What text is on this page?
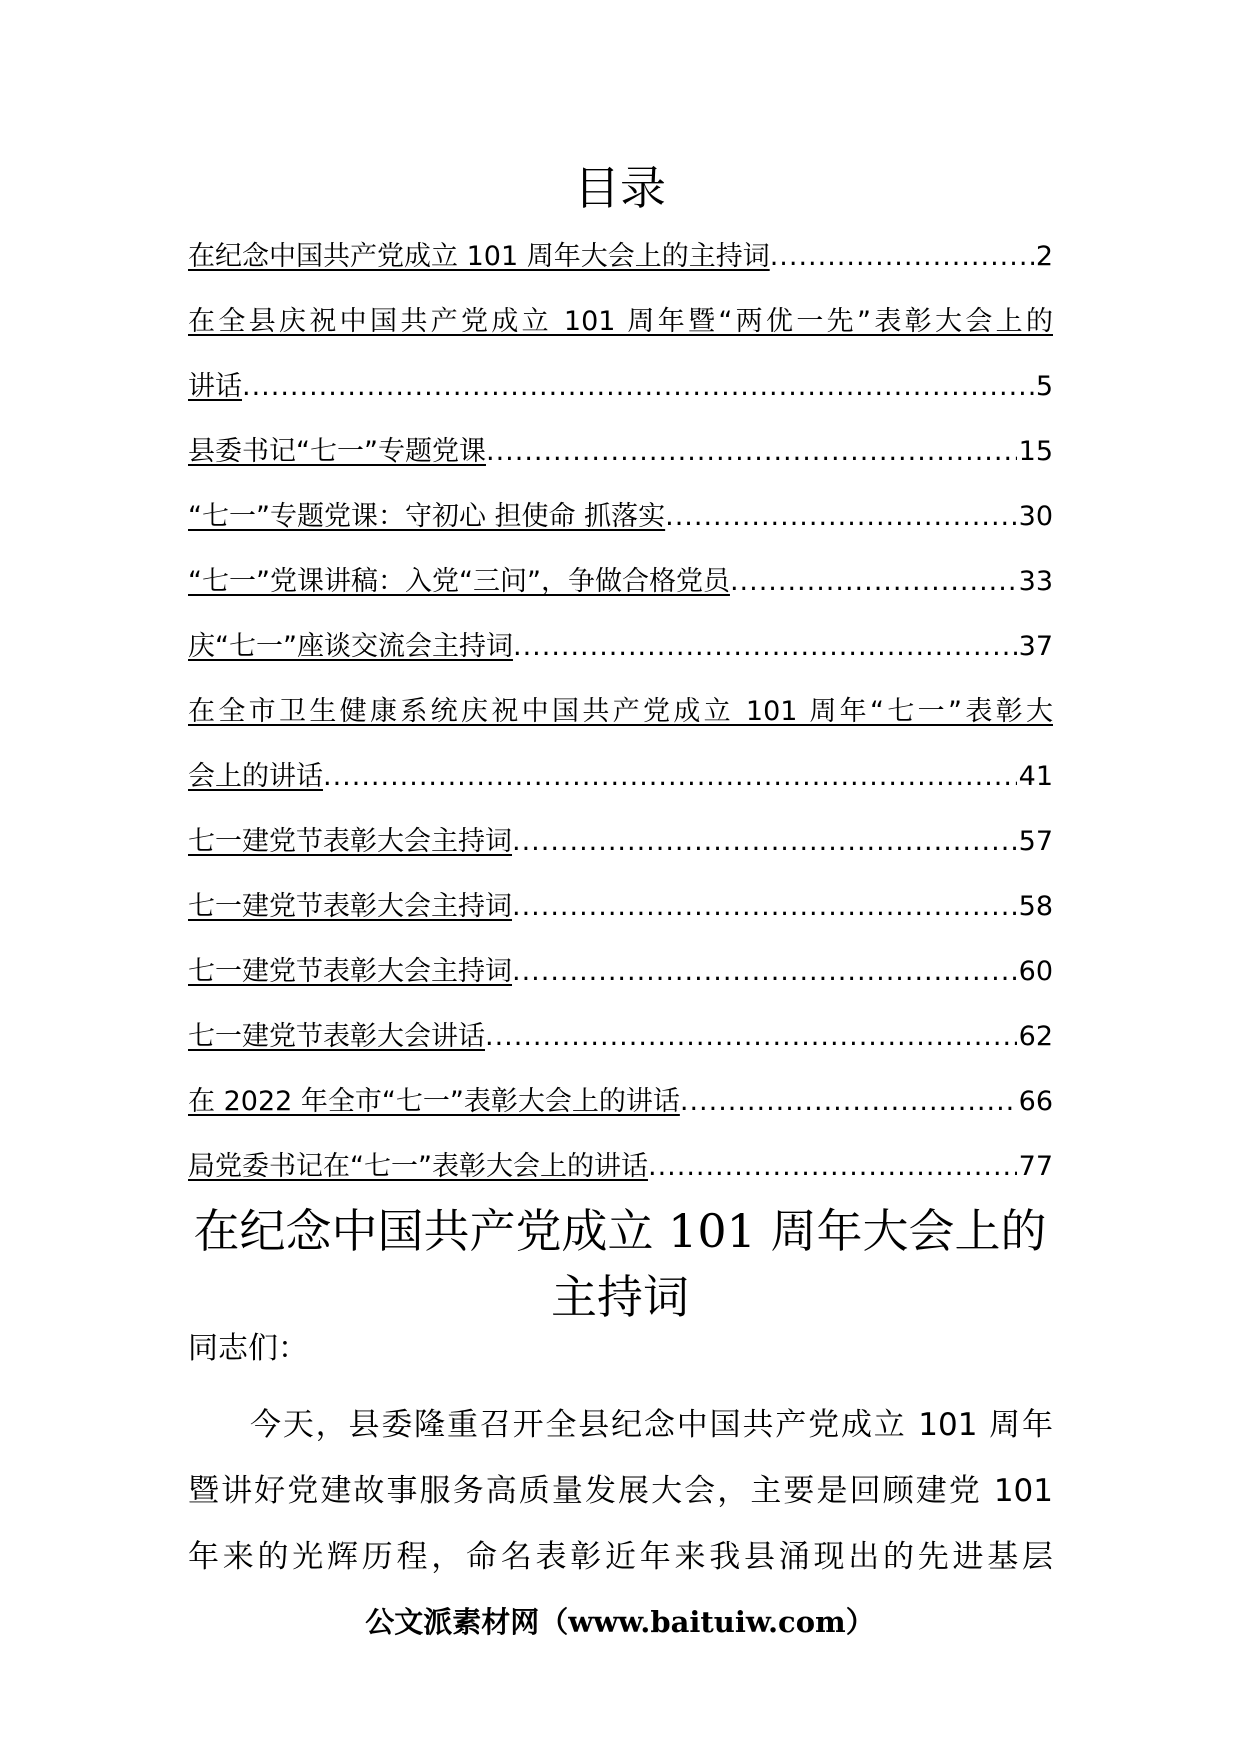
目录
在纪念中国共产党成立 101 周年大会上的主持词 .....	2
在全县庆祝中国共产党成立 101 周年暨“两优一先”表彰大会上的
讲话 .....	5
县委书记“七一”专题党课 .....	15
“七一”专题党课：守初心 担使命 抓落实 .....	30
“七一”党课讲稿：入党“三问”，争做合格党员 .....	33
庆“七一”座谈交流会主持词 .....	37
在全市卫生健康系统庆祝中国共产党成立 101 周年“七一”表彰大
会上的讲话 .....	41
七一建党节表彰大会主持词 .....	57
七一建党节表彰大会主持词 .....	58
七一建党节表彰大会主持词 .....	60
七一建党节表彰大会讲话 .....	62
在 2022 年全市“七一”表彰大会上的讲话 .....	66
局党委书记在“七一”表彰大会上的讲话 .....	77
在纪念中国共产党成立 101 周年大会上的
主持词
同志们：
今天，县委隆重召开全县纪念中国共产党成立 101 周年
暨讲好党建故事服务高质量发展大会，主要是回顾建党 101
年来的光辉历程，命名表彰近年来我县涌现出的先进基层
公文派素材网（www.baituiw.com）
